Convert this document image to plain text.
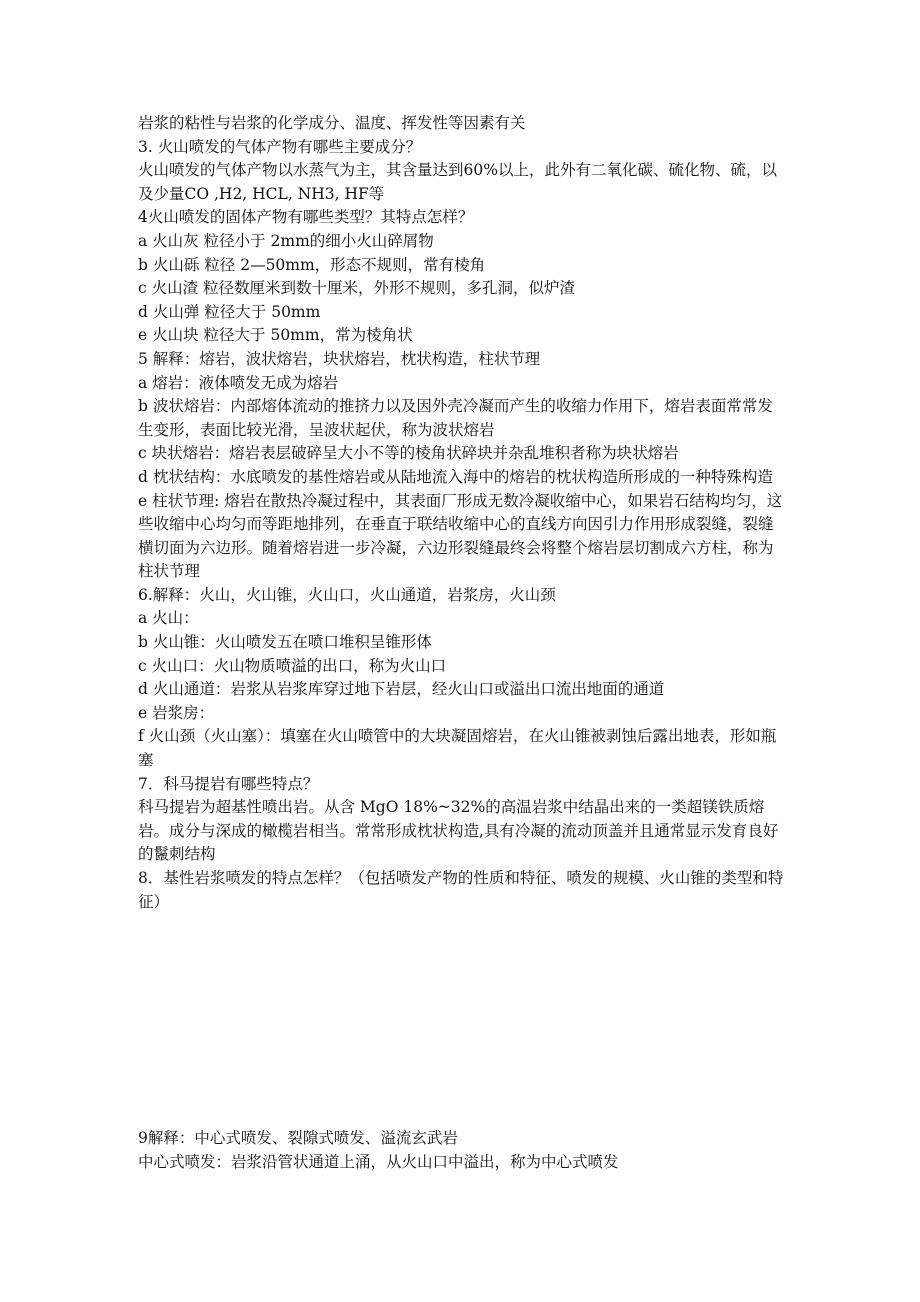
岩浆的粘性与岩浆的化学成分、温度、挥发性等因素有关

3. 火山喷发的气体产物有哪些主要成分？

火山喷发的气体产物以水蒸气为主，其含量达到60%以上，此外有二氧化碳、硫化物、硫，以及少量CO ,H2, HCL, NH3, HF等

4火山喷发的固体产物有哪些类型？其特点怎样？

a 火山灰 粒径小于 2mm的细小火山碎屑物

b 火山砾 粒径 2—50mm，形态不规则，常有棱角

c 火山渣 粒径数厘米到数十厘米，外形不规则，多孔洞，似炉渣

d 火山弹 粒径大于 50mm

e 火山块 粒径大于 50mm，常为棱角状

5 解释：熔岩，波状熔岩，块状熔岩，枕状构造，柱状节理

a 熔岩：液体喷发无成为熔岩

b 波状熔岩：内部熔体流动的推挤力以及因外壳冷凝而产生的收缩力作用下，熔岩表面常常发生变形，表面比较光滑，呈波状起伏，称为波状熔岩

c 块状熔岩：熔岩表层破碎呈大小不等的棱角状碎块并杂乱堆积者称为块状熔岩

d 枕状结构：水底喷发的基性熔岩或从陆地流入海中的熔岩的枕状构造所形成的一种特殊构造

e 柱状节理: 熔岩在散热冷凝过程中，其表面厂形成无数冷凝收缩中心，如果岩石结构均匀，这些收缩中心均匀而等距地排列，在垂直于联结收缩中心的直线方向因引力作用形成裂缝，裂缝横切面为六边形。随着熔岩进一步冷凝，六边形裂缝最终会将整个熔岩层切割成六方柱，称为柱状节理

6.解释：火山，火山锥，火山口，火山通道，岩浆房，火山颈

a 火山：

b 火山锥：火山喷发五在喷口堆积呈锥形体

c 火山口：火山物质喷溢的出口，称为火山口

d 火山通道：岩浆从岩浆库穿过地下岩层，经火山口或溢出口流出地面的通道

e 岩浆房：

f 火山颈（火山塞）：填塞在火山喷管中的大块凝固熔岩，在火山锥被剥蚀后露出地表，形如瓶塞

7．科马提岩有哪些特点？

科马提岩为超基性喷出岩。从含 MgO 18%~32%的高温岩浆中结晶出来的一类超镁铁质熔岩。成分与深成的橄榄岩相当。常常形成枕状构造,具有冷凝的流动顶盖并且通常显示发育良好的鬣刺结构

8．基性岩浆喷发的特点怎样？（包括喷发产物的性质和特征、喷发的规模、火山锥的类型和特征）

9解释：中心式喷发、裂隙式喷发、溢流玄武岩

中心式喷发：岩浆沿管状通道上涌，从火山口中溢出，称为中心式喷发
